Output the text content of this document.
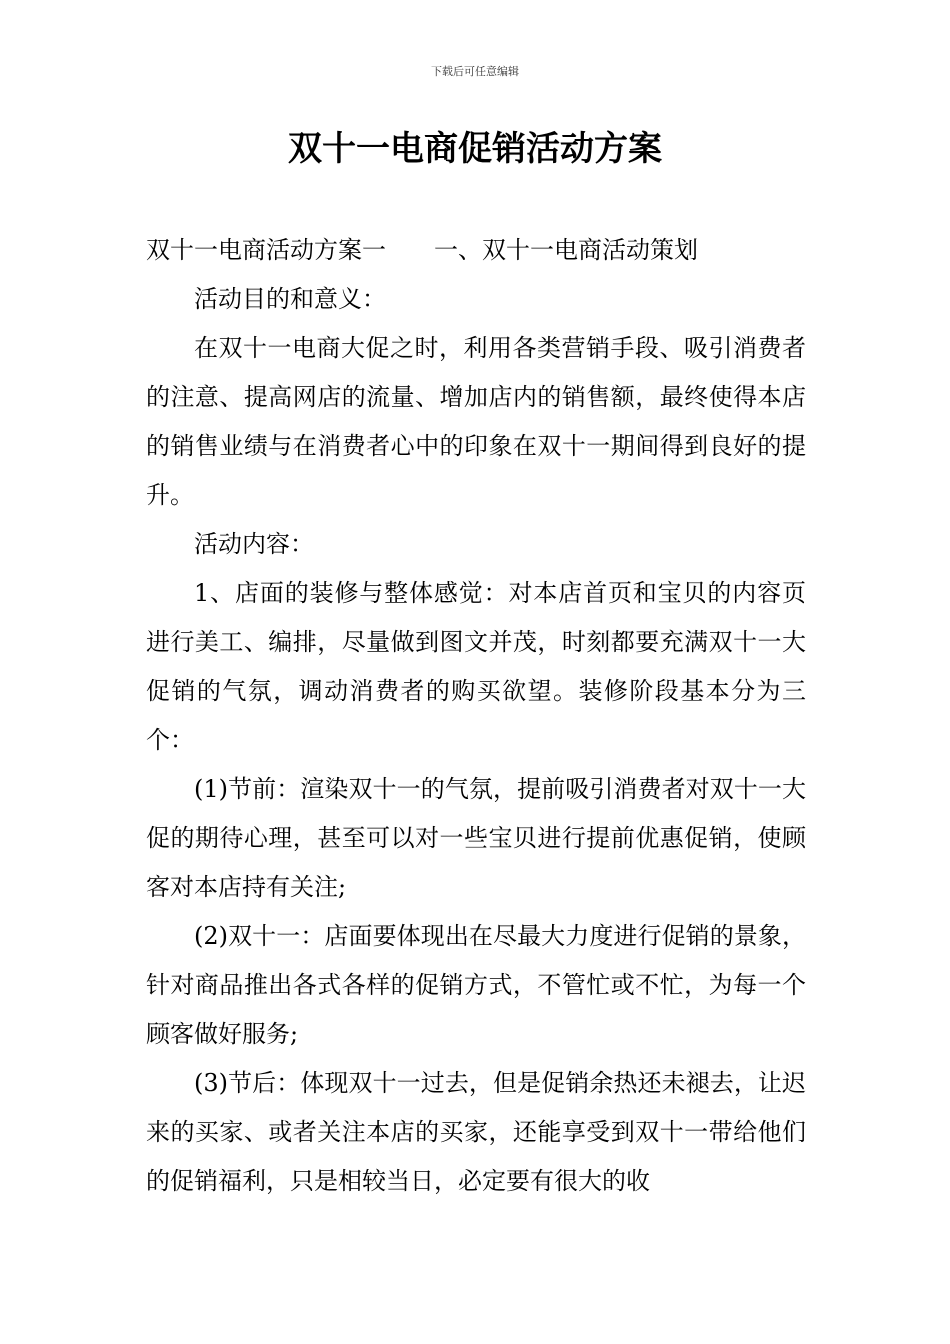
下载后可任意编辑
双十一电商促销活动方案

双十一电商活动方案一 一、双十一电商活动策划

活动目的和意义：

在双十一电商大促之时，利用各类营销手段、吸引消费者的注意、提高网店的流量、增加店内的销售额，最终使得本店的销售业绩与在消费者心中的印象在双十一期间得到良好的提升。

活动内容：

1、店面的装修与整体感觉：对本店首页和宝贝的内容页进行美工、编排，尽量做到图文并茂，时刻都要充满双十一大促销的气氛，调动消费者的购买欲望。装修阶段基本分为三个：

(1)节前：渲染双十一的气氛，提前吸引消费者对双十一大促的期待心理，甚至可以对一些宝贝进行提前优惠促销，使顾客对本店持有关注;

(2)双十一：店面要体现出在尽最大力度进行促销的景象，针对商品推出各式各样的促销方式，不管忙或不忙，为每一个顾客做好服务;

(3)节后：体现双十一过去，但是促销余热还未褪去，让迟来的买家、或者关注本店的买家，还能享受到双十一带给他们的促销福利，只是相较当日，必定要有很大的收
